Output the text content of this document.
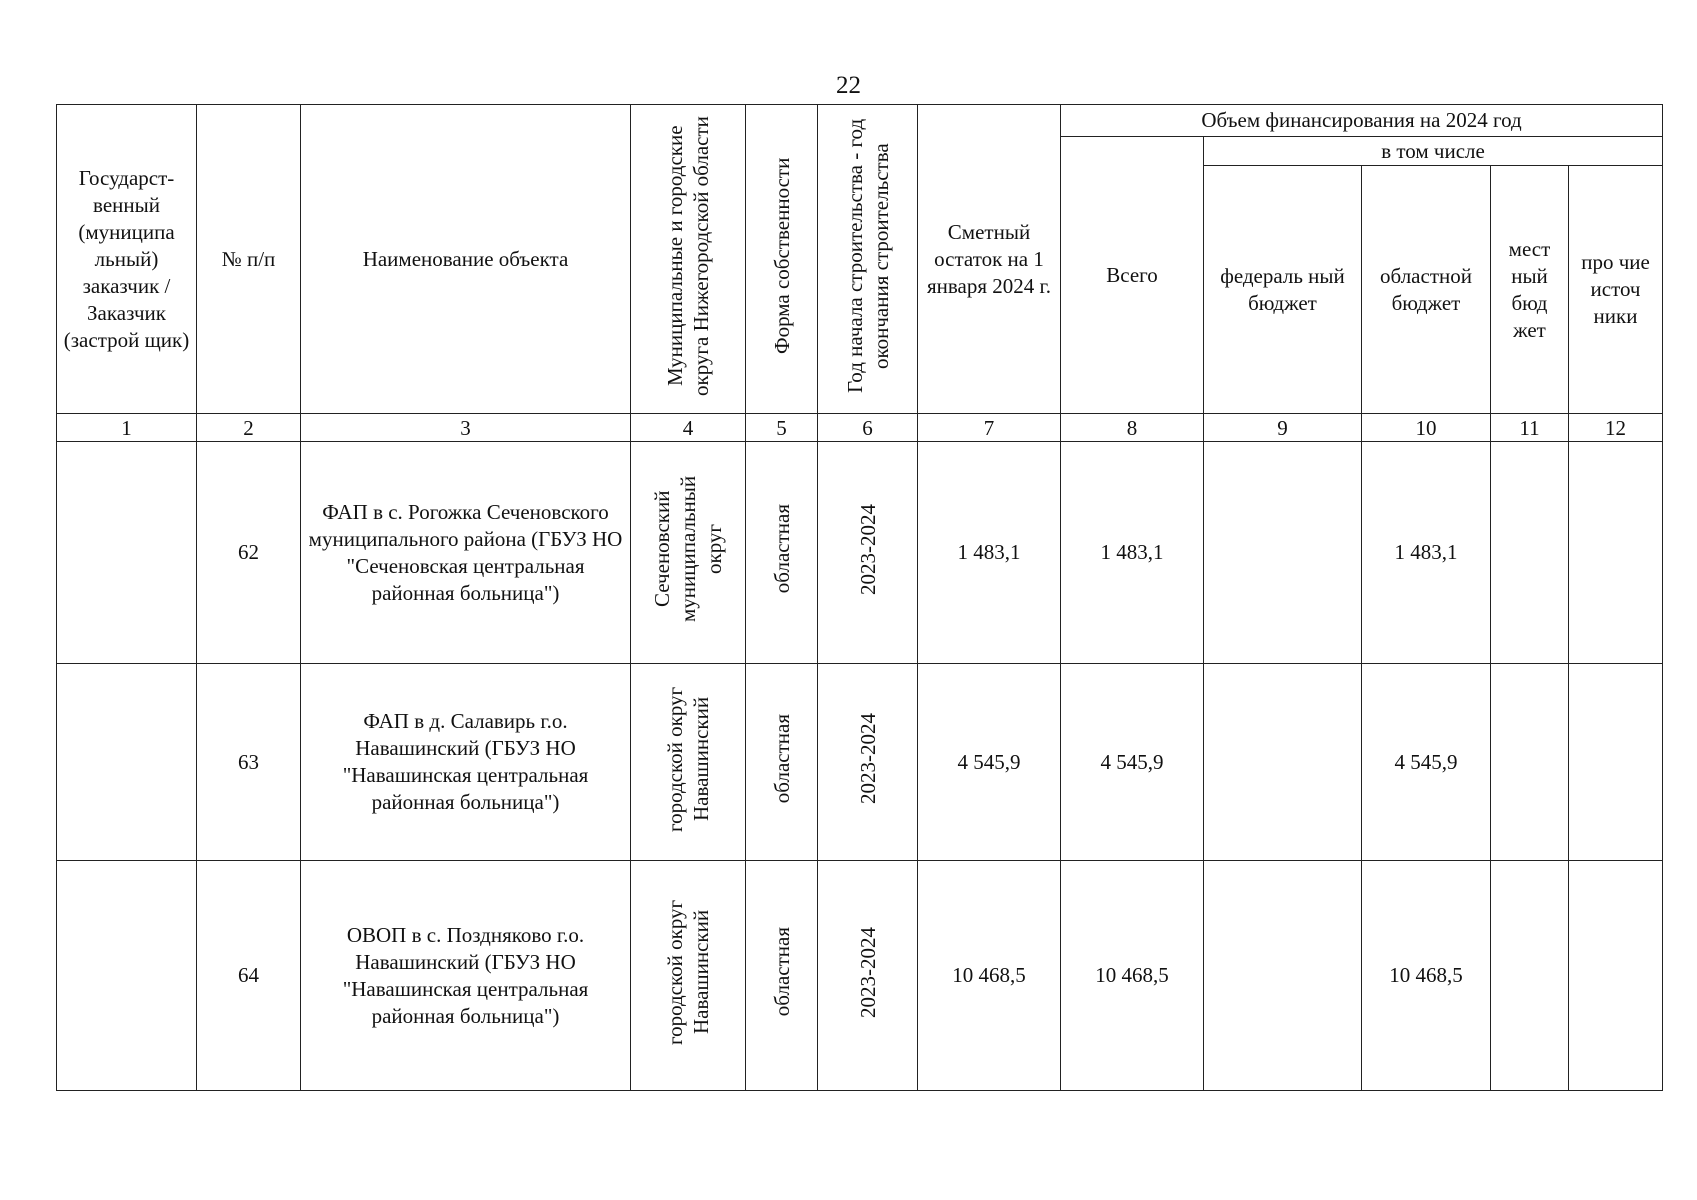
22
Государст-венный (муниципа льный) заказчик / Заказчик (застрой щик)	№ п/п	Наименование объекта	Муниципальные и городские округа Нижегородской области	Форма собственности	Год начала строительства - год окончания строительства	Сметный остаток на 1 января 2024 г.	Объем финансирования на 2024 год				
							Всего	в том числе			
								федераль ный бюджет	областной бюджет	мест ный бюд жет	про чие источ ники
1	2	3	4	5	6	7	8	9	10	11	12
	62	ФАП в с. Рогожка Сеченовского муниципального района (ГБУЗ НО "Сеченовская центральная районная больница")	Сеченовский муниципальный округ	областная	2023-2024	1 483,1	1 483,1		1 483,1		
	63	ФАП в д. Салавирь г.о. Навашинский (ГБУЗ НО "Навашинская центральная районная больница")	городской округ Навашинский	областная	2023-2024	4 545,9	4 545,9		4 545,9		
	64	ОВОП в с. Поздняково г.о. Навашинский (ГБУЗ НО "Навашинская центральная районная больница")	городской округ Навашинский	областная	2023-2024	10 468,5	10 468,5		10 468,5		
